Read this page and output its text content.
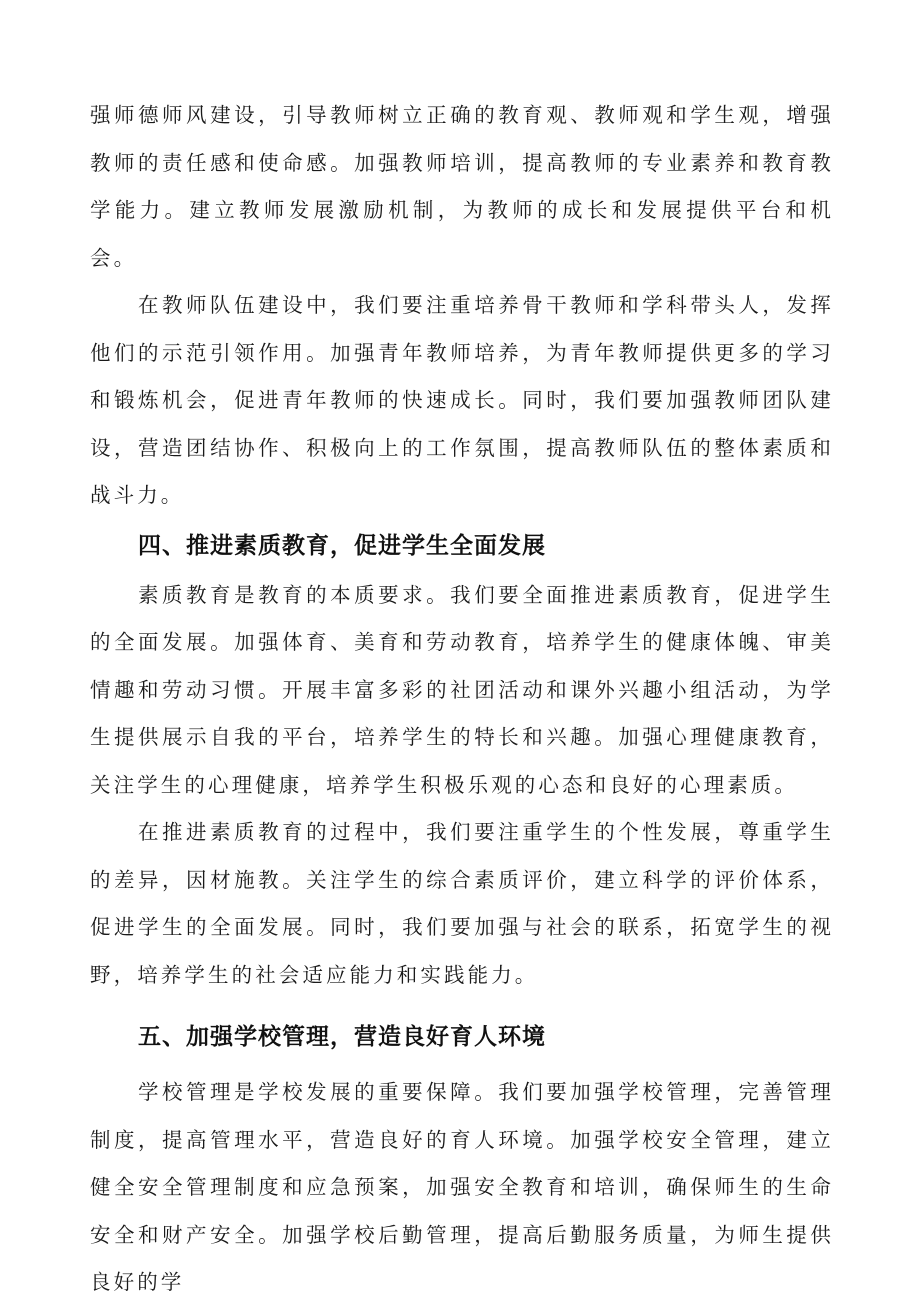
强师德师风建设，引导教师树立正确的教育观、教师观和学生观，增强教师的责任感和使命感。加强教师培训，提高教师的专业素养和教育教学能力。建立教师发展激励机制，为教师的成长和发展提供平台和机会。

在教师队伍建设中，我们要注重培养骨干教师和学科带头人，发挥他们的示范引领作用。加强青年教师培养，为青年教师提供更多的学习和锻炼机会，促进青年教师的快速成长。同时，我们要加强教师团队建设，营造团结协作、积极向上的工作氛围，提高教师队伍的整体素质和战斗力。

四、推进素质教育，促进学生全面发展

素质教育是教育的本质要求。我们要全面推进素质教育，促进学生的全面发展。加强体育、美育和劳动教育，培养学生的健康体魄、审美情趣和劳动习惯。开展丰富多彩的社团活动和课外兴趣小组活动，为学生提供展示自我的平台，培养学生的特长和兴趣。加强心理健康教育，关注学生的心理健康，培养学生积极乐观的心态和良好的心理素质。

在推进素质教育的过程中，我们要注重学生的个性发展，尊重学生的差异，因材施教。关注学生的综合素质评价，建立科学的评价体系，促进学生的全面发展。同时，我们要加强与社会的联系，拓宽学生的视野，培养学生的社会适应能力和实践能力。

五、加强学校管理，营造良好育人环境

学校管理是学校发展的重要保障。我们要加强学校管理，完善管理制度，提高管理水平，营造良好的育人环境。加强学校安全管理，建立健全安全管理制度和应急预案，加强安全教育和培训，确保师生的生命安全和财产安全。加强学校后勤管理，提高后勤服务质量，为师生提供良好的学
